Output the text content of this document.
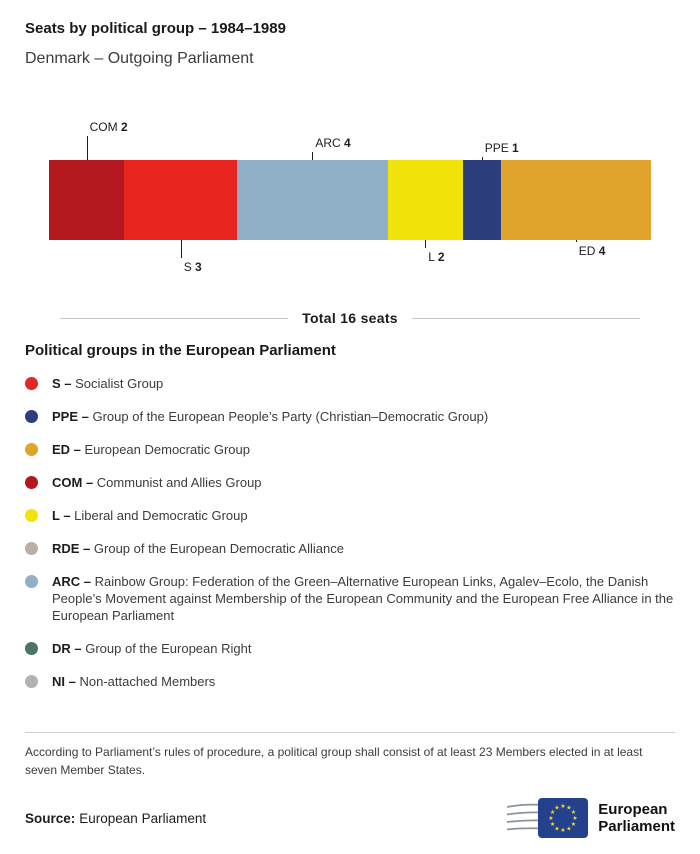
Seats by political group – 1984–1989
Denmark – Outgoing Parliament
COM 2
S 3
ARC 4
L 2
PPE 1
ED 4
Total 16 seats
Political groups in the European Parliament
S – Socialist Group
PPE – Group of the European People’s Party (Christian–Democratic Group)
ED – European Democratic Group
COM – Communist and Allies Group
L – Liberal and Democratic Group
RDE – Group of the European Democratic Alliance
ARC – Rainbow Group: Federation of the Green–Alternative European Links, Agalev–Ecolo, the Danish People’s Movement against Membership of the European Community and the European Free Alliance in the European Parliament
DR – Group of the European Right
NI – Non-attached Members

According to Parliament’s rules of procedure, a political group shall consist of at least 23 Members elected in at least seven Member States.

Source: European Parliament
★ ★
★
★
★
★
★
★
★
★
★
★	European
Parliament
